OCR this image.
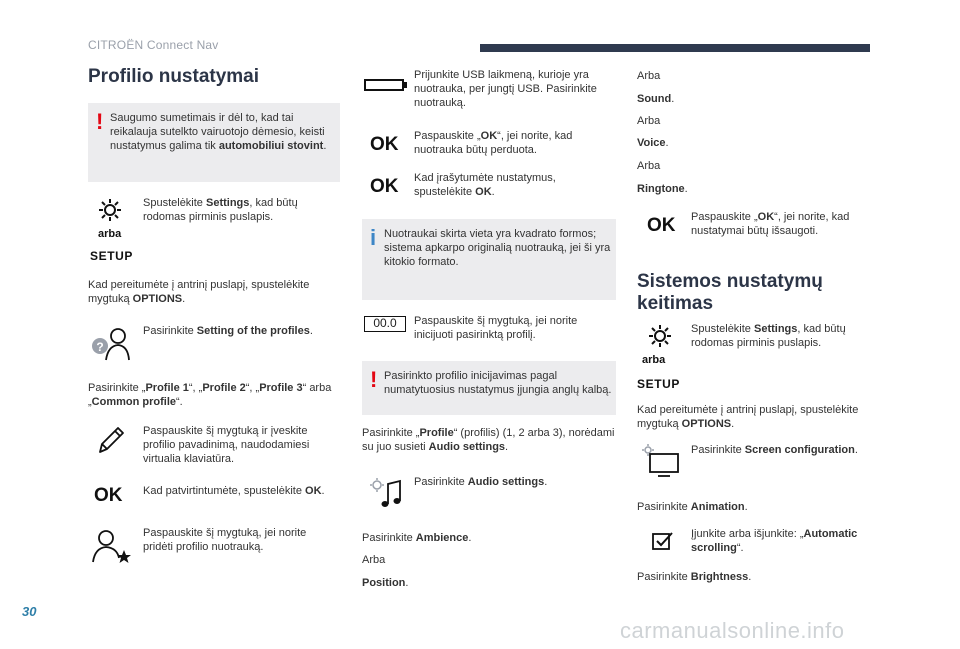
CITROËN Connect Nav
Profilio nustatymai
! Saugumo sumetimais ir dėl to, kad tai reikalauja sutelkto vairuotojo dėmesio, keisti nustatymus galima tik automobiliui stovint.
arba
SETUP
Spustelėkite Settings, kad būtų rodomas pirminis puslapis.
Kad pereitumėte į antrinį puslapį, spustelėkite mygtuką OPTIONS.
?
Pasirinkite Setting of the profiles.
Pasirinkite „Profile 1“, „Profile 2“, „Profile 3“ arba „Common profile“.
Paspauskite šį mygtuką ir įveskite profilio pavadinimą, naudodamiesi virtualia klaviatūra.
OK Kad patvirtintumėte, spustelėkite OK.
Paspauskite šį mygtuką, jei norite pridėti profilio nuotrauką.
Prijunkite USB laikmeną, kurioje yra nuotrauka, per jungtį USB. Pasirinkite nuotrauką.
OK Paspauskite „OK“, jei norite, kad nuotrauka būtų perduota.
OK Kad įrašytumėte nustatymus, spustelėkite OK.
i Nuotraukai skirta vieta yra kvadrato formos; sistema apkarpo originalią nuotrauką, jei ši yra kitokio formato.
00.0	Paspauskite šį mygtuką, jei norite inicijuoti pasirinktą profilį.
! Pasirinkto profilio inicijavimas pagal numatytuosius nustatymus įjungia anglų kalbą.
Pasirinkite „Profile“ (profilis) (1, 2 arba 3), norėdami su juo susieti Audio settings.
Pasirinkite Audio settings.
Pasirinkite Ambience.
Arba
Position.
Arba
Sound.
Arba
Voice.
Arba
Ringtone.
OK Paspauskite „OK“, jei norite, kad nustatymai būtų išsaugoti.
Sistemos nustatymų keitimas
arba
SETUP
Spustelėkite Settings, kad būtų rodomas pirminis puslapis.
Kad pereitumėte į antrinį puslapį, spustelėkite mygtuką OPTIONS.
Pasirinkite Screen configuration.
Pasirinkite Animation.
Įjunkite arba išjunkite: „Automatic scrolling“.
Pasirinkite Brightness.
30
carmanualsonline.info
